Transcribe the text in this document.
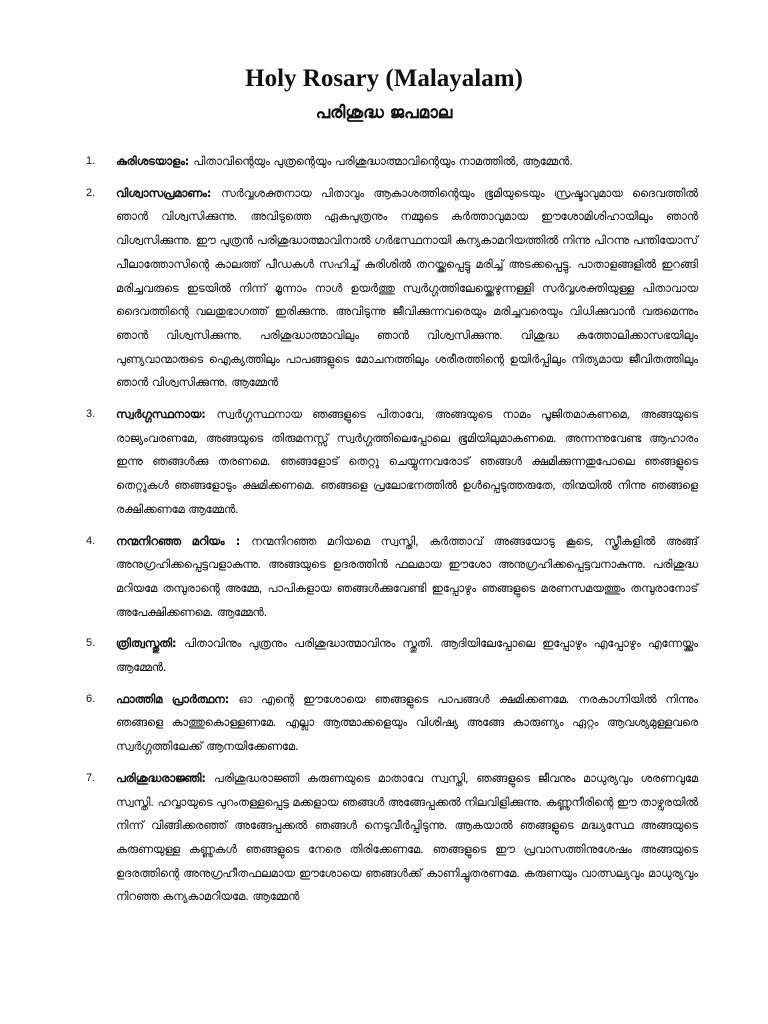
Holy Rosary (Malayalam)
പരിശുദ്ധ ജപമാല
1. കുരിശടയാളം: പിതാവിന്റെയും പുത്രന്റെയും പരിശുദ്ധാത്മാവിന്റെയും നാമത്തിൽ, ആമ്മേൻ.
2. വിശ്വാസപ്രമാണം: സർവ്വശക്തനായ പിതാവും ആകാശത്തിന്റെയും ഭൂമിയുടെയും സ്രഷ്ടാവുമായ ദൈവത്തിൽ ഞാൻ വിശ്വസിക്കുന്നു. അവിടുത്തെ ഏകപുത്രനും നമ്മുടെ കർത്താവുമായ ഈശോമിശിഹായിലും ഞാൻ വിശ്വസിക്കുന്നു. ഈ പുത്രൻ പരിശുദ്ധാത്മാവിനാൽ ഗർഭസ്ഥനായി കന്യകാമറിയത്തിൽ നിന്നു പിറന്നു പന്തിയോസ് പീലാത്തോസിന്റെ കാലത്ത് പീഡകൾ സഹിച്ച് കുരിശിൽ തറയ്ക്കപ്പെട്ടു മരിച്ച് അടക്കപ്പെട്ടു. പാതാളങ്ങളിൽ ഇറങ്ങി മരിച്ചവരുടെ ഇടയിൽ നിന്ന് മൂന്നാം നാൾ ഉയർത്തു സ്വർഗ്ഗത്തിലേയ്ക്കെഴുന്നള്ളി സർവ്വശക്തിയുള്ള പിതാവായ ദൈവത്തിന്റെ വലതുഭാഗത്ത് ഇരിക്കുന്നു. അവിടുന്നു ജീവിക്കുന്നവരെയും മരിച്ചവരെയും വിധിക്കുവാൻ വരുമെന്നും ഞാൻ വിശ്വസിക്കുന്നു. പരിശുദ്ധാത്മാവിലും ഞാൻ വിശ്വസിക്കുന്നു. വിശുദ്ധ കത്തോലിക്കാസഭയിലും പുണ്യവാന്മാരുടെ ഐക്യത്തിലും പാപങ്ങളുടെ മോചനത്തിലും ശരീരത്തിന്റെ ഉയിർപ്പിലും നിത്യമായ ജീവിതത്തിലും ഞാൻ വിശ്വസിക്കുന്നു. ആമ്മേൻ
3. സ്വർഗ്ഗസ്ഥനായ: സ്വർഗ്ഗസ്ഥനായ ഞങ്ങളുടെ പിതാവേ, അങ്ങയുടെ നാമം പൂജിതമാകണമെ, അങ്ങയുടെ രാജ്യംവരണമേ, അങ്ങയുടെ തിരുമനസ്സ് സ്വർഗ്ഗത്തിലെപ്പോലെ ഭൂമിയിലുമാകണമെ. അന്നന്നുവേണ്ട ആഹാരം ഇന്നു ഞങ്ങൾക്കു തരണമെ. ഞങ്ങളോട് തെറ്റു ചെയ്യുന്നവരോട് ഞങ്ങൾ ക്ഷമിക്കുന്നതുപോലെ ഞങ്ങളുടെ തെറ്റുകൾ ഞങ്ങളോടും ക്ഷമിക്കണമെ. ഞങ്ങളെ പ്രലോഭനത്തിൽ ഉൾപ്പെടുത്തരുതേ, തിന്മയിൽ നിന്നു ഞങ്ങളെ രക്ഷിക്കണമേ ആമ്മേൻ.
4. നന്മനിറഞ്ഞ മറിയം : നന്മനിറഞ്ഞ മറിയമെ സ്വസ്തി, കർത്താവ് അങ്ങയോടു കൂടെ, സ്ത്രീകളിൽ അങ്ങ് അനുഗ്രഹിക്കപ്പെട്ടവളാകുന്നു. അങ്ങയുടെ ഉദരത്തിൻ ഫലമായ ഈശോ അനുഗ്രഹിക്കപ്പെട്ടവനാകുന്നു. പരിശുദ്ധ മറിയമേ തമ്പുരാന്റെ അമ്മേ, പാപികളായ ഞങ്ങൾക്കുവേണ്ടി ഇപ്പോഴും ഞങ്ങളുടെ മരണസമയത്തും തമ്പുരാനോട് അപേക്ഷിക്കണമെ. ആമ്മേൻ.
5. ത്രിത്വസ്തുതി: പിതാവിനും പുത്രനും പരിശുദ്ധാത്മാവിനും സ്തുതി. ആദിയിലേപ്പോലെ ഇപ്പോഴും എപ്പോഴും എന്നേയ്ക്കും ആമ്മേൻ.
6. ഫാത്തിമ പ്രാർത്ഥന: ഓ എന്റെ ഈശോയെ ഞങ്ങളുടെ പാപങ്ങൾ ക്ഷമിക്കണമേ. നരകാഗ്നിയിൽ നിന്നും ഞങ്ങളെ കാത്തുകൊള്ളണമേ. എല്ലാ ആത്മാക്കളെയും വിശിഷ്യ അങ്ങേ കാരുണ്യം ഏറ്റം ആവശ്യമുള്ളവരെ സ്വർഗ്ഗത്തിലേക്ക് ആനയിക്കേണമേ.
7. പരിശുദ്ധരാജ്ഞി: പരിശുദ്ധരാജ്ഞി കരുണയുടെ മാതാവേ സ്വസ്തി, ഞങ്ങളുടെ ജീവനും മാധുര്യവും ശരണവുമേ സ്വസ്തി. ഹവ്വായുടെ പുറംതള്ളപ്പെട്ട മക്കളായ ഞങ്ങൾ അങ്ങേപ്പക്കൽ നിലവിളിക്കുന്നു. കണ്ണുനീരിന്റെ ഈ താഴ്വരയിൽ നിന്ന് വിങ്ങിക്കരഞ്ഞ് അങ്ങേപ്പക്കൽ ഞങ്ങൾ നെടുവീർപ്പിടുന്നു. ആകയാൽ ഞങ്ങളുടെ മദ്ധ്യസ്ഥേ അങ്ങയുടെ കരുണയുള്ള കണ്ണുകൾ ഞങ്ങളുടെ നേരെ തിരിക്കേണമേ. ഞങ്ങളുടെ ഈ പ്രവാസത്തിനുശേഷം അങ്ങയുടെ ഉദരത്തിന്റെ അനുഗ്രഹീതഫലമായ ഈശോയെ ഞങ്ങൾക്ക് കാണിച്ചുതരണമേ. കരുണയും വാത്സല്യവും മാധുര്യവും നിറഞ്ഞ കന്യകാമറിയമേ. ആമ്മേൻ
